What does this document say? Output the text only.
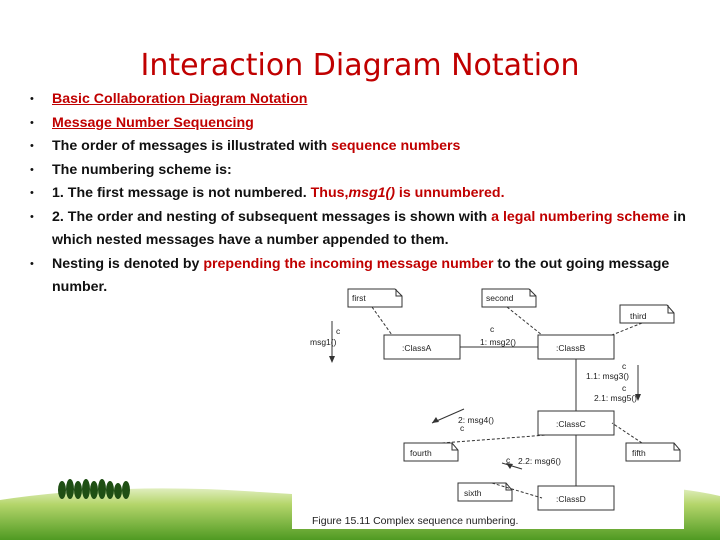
Interaction Diagram Notation
• Basic Collaboration Diagram Notation
• Message Number Sequencing
• The order of messages is illustrated with sequence numbers
• The numbering scheme is:
• 1. The first message is not numbered. Thus,msg1() is unnumbered.
• 2. The order and nesting of subsequent messages is shown with a legal numbering scheme in which nested messages have a number appended to them.
• Nesting is denoted by prepending the incoming message number to the out going message number.
first	second
third
fourth	fifth
sixth
:ClassA	:ClassB
:ClassC
:ClassD
msg1()	1: msg2()
1.1: msg3()
2.1: msg5()
2: msg4()
2.2: msg6()
c	c
c
c
c
c
Figure 15.11 Complex sequence numbering.
